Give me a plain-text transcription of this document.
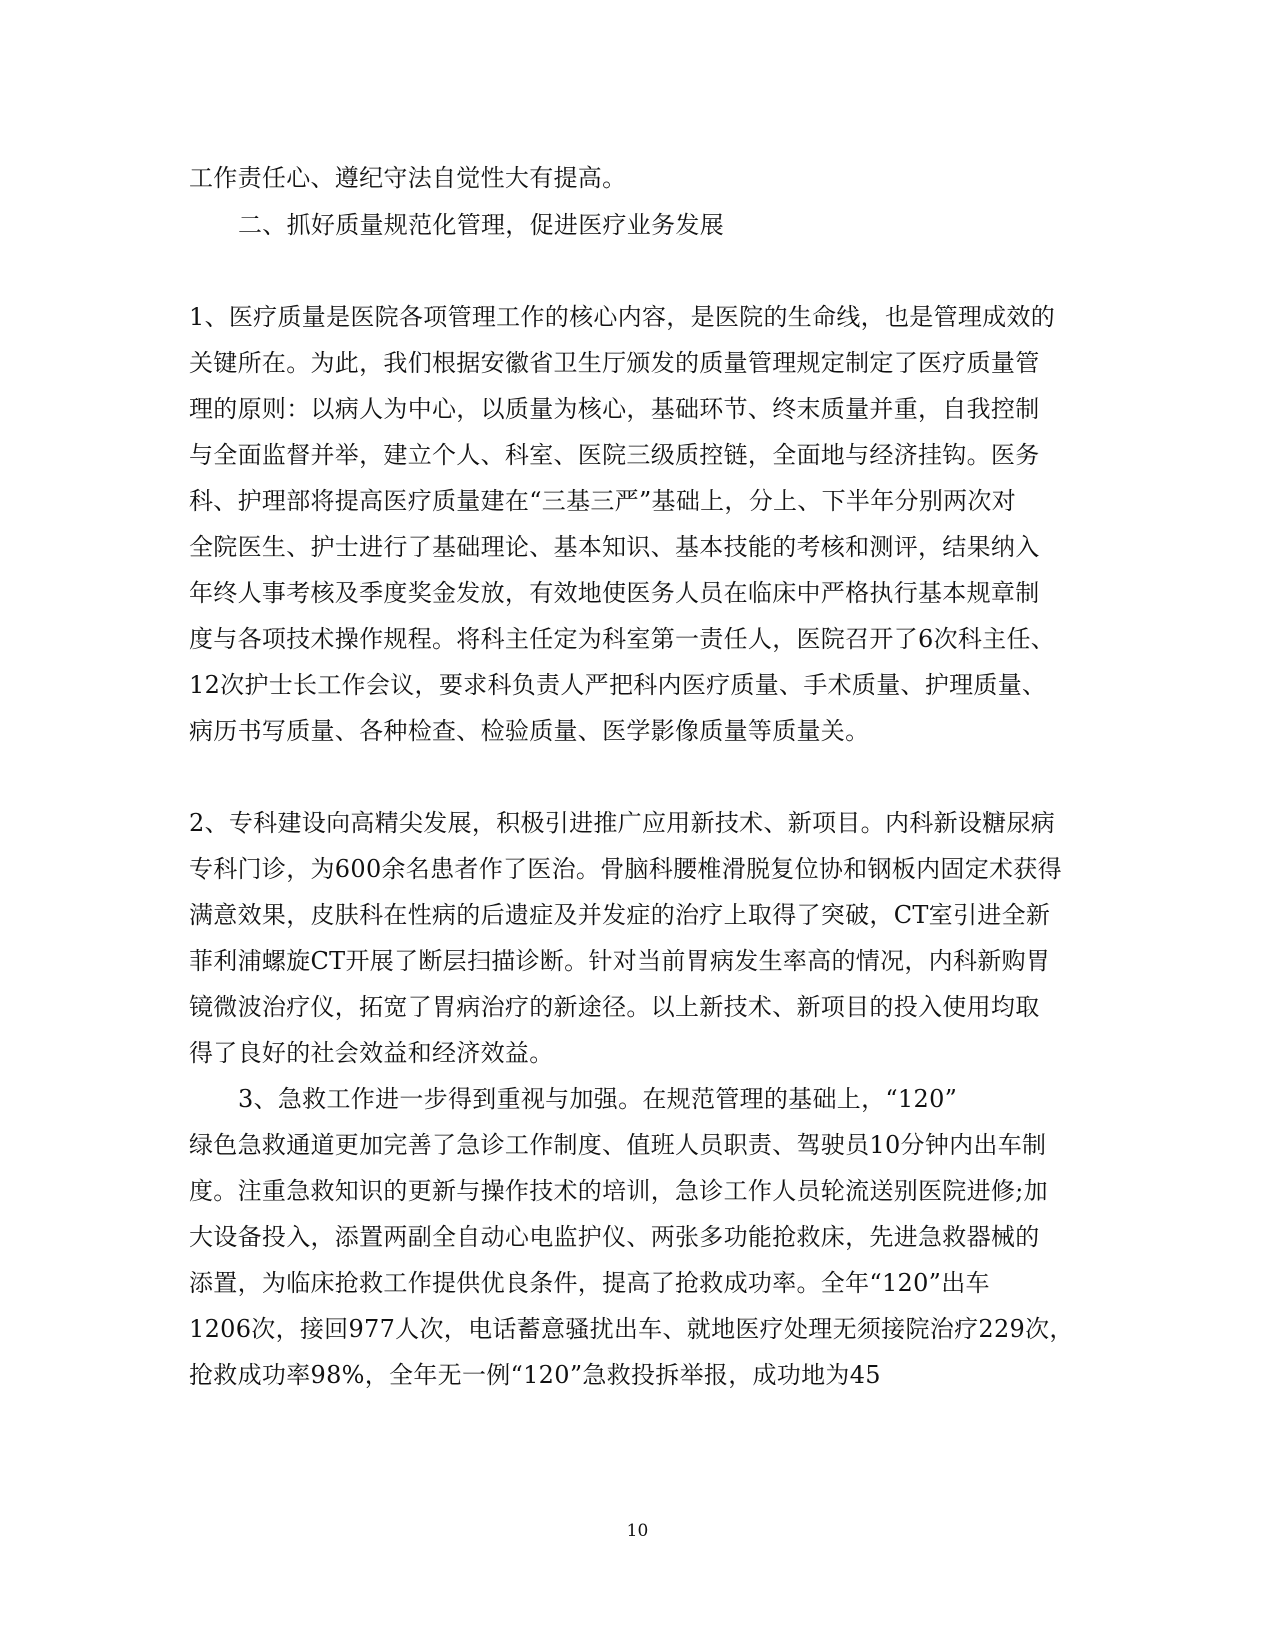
工作责任心、遵纪守法自觉性大有提高。
二、抓好质量规范化管理，促进医疗业务发展
1、医疗质量是医院各项管理工作的核心内容，是医院的生命线，也是管理成效的
关键所在。为此，我们根据安徽省卫生厅颁发的质量管理规定制定了医疗质量管
理的原则：以病人为中心，以质量为核心，基础环节、终末质量并重，自我控制
与全面监督并举，建立个人、科室、医院三级质控链，全面地与经济挂钩。医务
科、护理部将提高医疗质量建在“三基三严”基础上，分上、下半年分别两次对
全院医生、护士进行了基础理论、基本知识、基本技能的考核和测评，结果纳入
年终人事考核及季度奖金发放，有效地使医务人员在临床中严格执行基本规章制
度与各项技术操作规程。将科主任定为科室第一责任人，医院召开了6次科主任、
12次护士长工作会议，要求科负责人严把科内医疗质量、手术质量、护理质量、
病历书写质量、各种检查、检验质量、医学影像质量等质量关。
2、专科建设向高精尖发展，积极引进推广应用新技术、新项目。内科新设糖尿病
专科门诊，为600余名患者作了医治。骨脑科腰椎滑脱复位协和钢板内固定术获得
满意效果，皮肤科在性病的后遗症及并发症的治疗上取得了突破，CT室引进全新
菲利浦螺旋CT开展了断层扫描诊断。针对当前胃病发生率高的情况，内科新购胃
镜微波治疗仪，拓宽了胃病治疗的新途径。以上新技术、新项目的投入使用均取
得了良好的社会效益和经济效益。
3、急救工作进一步得到重视与加强。在规范管理的基础上，“120”
绿色急救通道更加完善了急诊工作制度、值班人员职责、驾驶员10分钟内出车制
度。注重急救知识的更新与操作技术的培训，急诊工作人员轮流送别医院进修;加
大设备投入，添置两副全自动心电监护仪、两张多功能抢救床，先进急救器械的
添置，为临床抢救工作提供优良条件，提高了抢救成功率。全年“120”出车
1206次，接回977人次，电话蓄意骚扰出车、就地医疗处理无须接院治疗229次，
抢救成功率98%，全年无一例“120”急救投拆举报，成功地为45
10
